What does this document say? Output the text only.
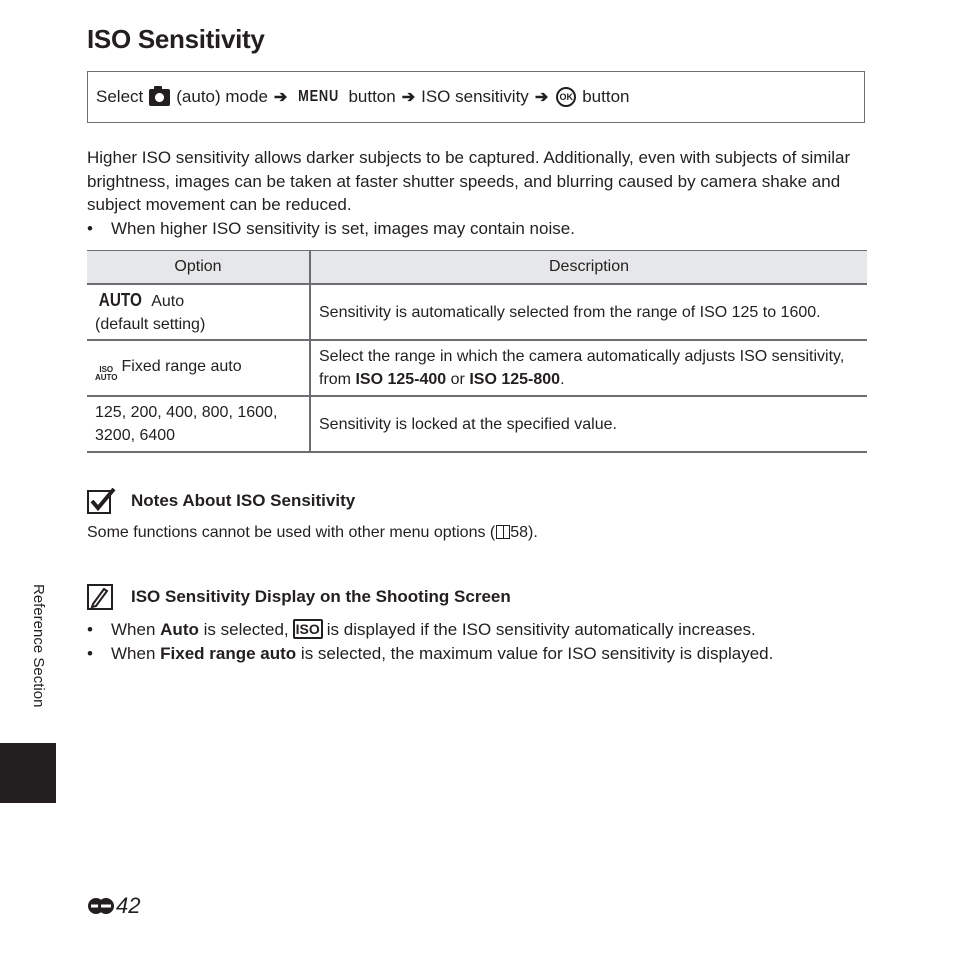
ISO Sensitivity
Select (auto) mode ➔ MENU button ➔ ISO sensitivity ➔	OK button

Higher ISO sensitivity allows darker subjects to be captured. Additionally, even with subjects of similar brightness, images can be taken at faster shutter speeds, and blurring caused by camera shake and subject movement can be reduced.

• When higher ISO sensitivity is set, images may contain noise.
Option	Description
AUTO Auto
(default setting)	Sensitivity is automatically selected from the range of ISO 125 to 1600.

ISO
AUTO
Fixed range auto	Select the range in which the camera automatically adjusts ISO sensitivity, from ISO 125-400 or ISO 125-800.
125, 200, 400, 800, 1600, 3200, 6400	Sensitivity is locked at the specified value.
Notes About ISO Sensitivity
Some functions cannot be used with other menu options ( 58).
ISO Sensitivity Display on the Shooting Screen
• When Auto is selected, ISO is displayed if the ISO sensitivity automatically increases.
• When Fixed range auto is selected, the maximum value for ISO sensitivity is displayed.
Reference Section
42
